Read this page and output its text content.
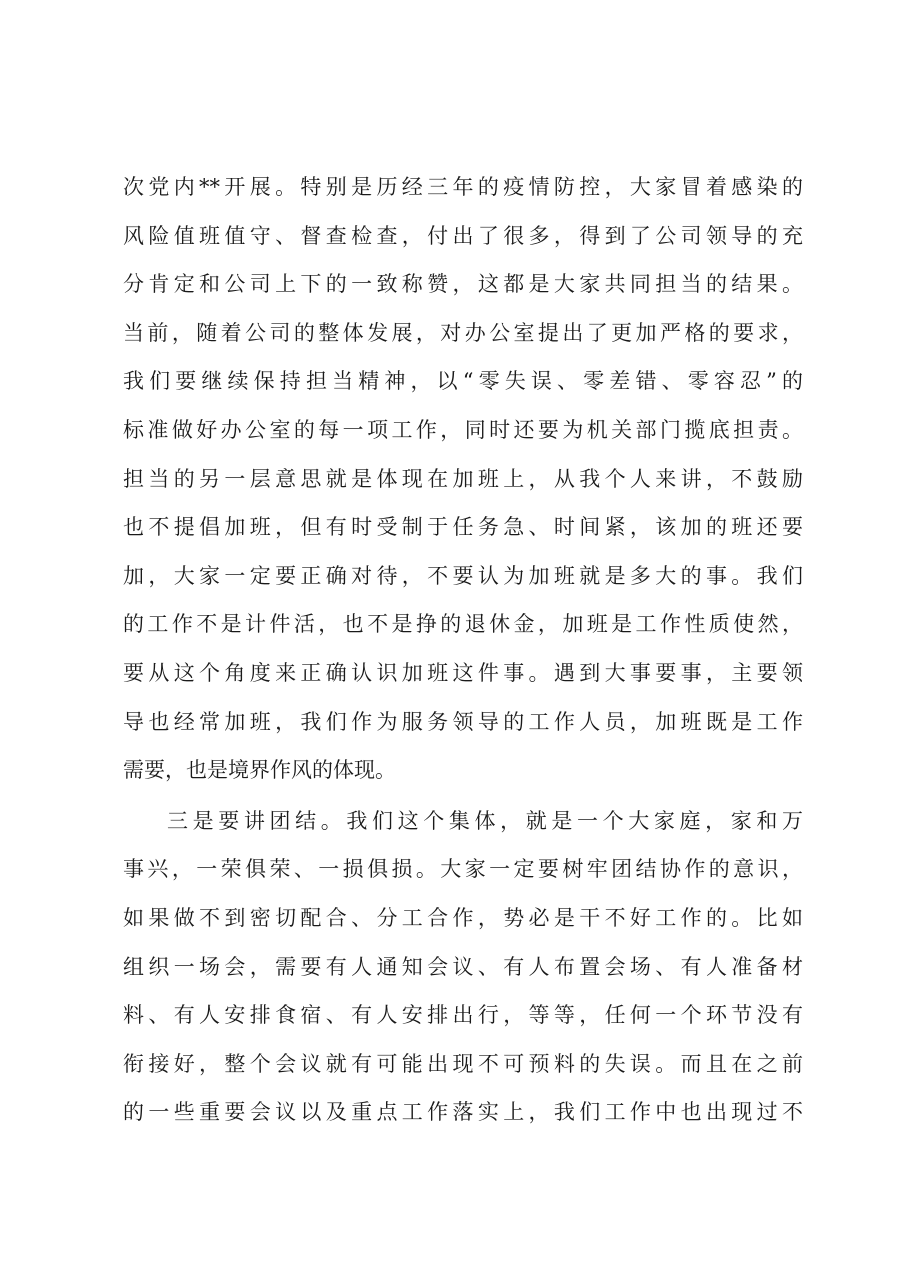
次党内**开展。特别是历经三年的疫情防控，大家冒着感染的
风险值班值守、督查检查，付出了很多，得到了公司领导的充
分肯定和公司上下的一致称赞，这都是大家共同担当的结果。
当前，随着公司的整体发展，对办公室提出了更加严格的要求，
我们要继续保持担当精神，以“零失误、零差错、零容忍”的
标准做好办公室的每一项工作，同时还要为机关部门揽底担责。
担当的另一层意思就是体现在加班上，从我个人来讲，不鼓励
也不提倡加班，但有时受制于任务急、时间紧，该加的班还要
加，大家一定要正确对待，不要认为加班就是多大的事。我们
的工作不是计件活，也不是挣的退休金，加班是工作性质使然，
要从这个角度来正确认识加班这件事。遇到大事要事，主要领
导也经常加班，我们作为服务领导的工作人员，加班既是工作
需要，也是境界作风的体现。
三是要讲团结。我们这个集体，就是一个大家庭，家和万
事兴，一荣俱荣、一损俱损。大家一定要树牢团结协作的意识，
如果做不到密切配合、分工合作，势必是干不好工作的。比如
组织一场会，需要有人通知会议、有人布置会场、有人准备材
料、有人安排食宿、有人安排出行，等等，任何一个环节没有
衔接好，整个会议就有可能出现不可预料的失误。而且在之前
的一些重要会议以及重点工作落实上，我们工作中也出现过不
